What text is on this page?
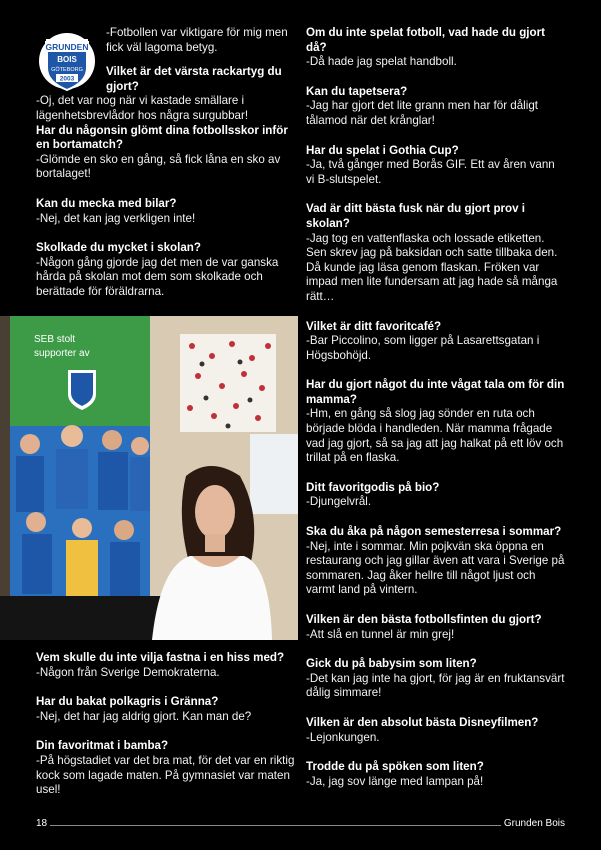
GRUNDEN
BOIS
GÖTEBORG
2003
-Fotbollen var viktigare för mig men fick väl lagoma betyg.
Vilket är det värsta rackartyg du gjort?
-Oj, det var nog när vi kastade smällare i lägenhetsbrevlådor hos några surgubbar!
Har du någonsin glömt dina fotbollsskor inför en bortamatch?
-Glömde en sko en gång, så fick låna en sko av bortalaget!
Kan du mecka med bilar?
-Nej, det kan jag verkligen inte!
Skolkade du mycket i skolan?
-Någon gång gjorde jag det men de var ganska hårda på skolan mot dem som skolkade och berättade för föräldrarna.
SEB stolt
supporter av
Vem skulle du inte vilja fastna i en hiss med?
-Någon från Sverige Demokraterna.
Har du bakat polkagris i Gränna?
-Nej, det har jag aldrig gjort. Kan man de?
Din favoritmat i bamba?
-På högstadiet var det bra mat, för det var en riktig kock som lagade maten. På gymnasiet var maten usel!
Om du inte spelat fotboll, vad hade du gjort då?
-Då hade jag spelat handboll.
Kan du tapetsera?
-Jag har gjort det lite grann men har för dåligt tålamod när det krånglar!
Har du spelat i Gothia Cup?
-Ja, två gånger med Borås GIF. Ett av åren vann vi B-slutspelet.
Vad är ditt bästa fusk när du gjort prov i skolan?
-Jag tog en vattenflaska och lossade etiketten. Sen skrev jag på baksidan och satte tillbaka den. Då kunde jag läsa genom flaskan. Fröken var impad men lite fundersam att jag hade så många rätt…
Vilket är ditt favoritcafé?
-Bar Piccolino, som ligger på Lasarettsgatan i Högsbohöjd.
Har du gjort något du inte vågat tala om för din mamma?
-Hm, en gång så slog jag sönder en ruta och började blöda i handleden. När mamma frågade vad jag gjort, så sa jag att jag halkat på ett löv och trillat på en flaska.
Ditt favoritgodis på bio?
-Djungelvrål.
Ska du åka på någon semesterresa i sommar?
-Nej, inte i sommar. Min pojkvän ska öppna en restaurang och jag gillar även att vara i Sverige på sommaren. Jag åker hellre till något ljust och varmt land på vintern.
Vilken är den bästa fotbollsfinten du gjort?
-Att slå en tunnel är min grej!
Gick du på babysim som liten?
-Det kan jag inte ha gjort, för jag är en fruktansvärt dålig simmare!
Vilken är den absolut bästa Disneyfilmen?
-Lejonkungen.
Trodde du på spöken som liten?
-Ja, jag sov länge med lampan på!
18	Grunden Bois
